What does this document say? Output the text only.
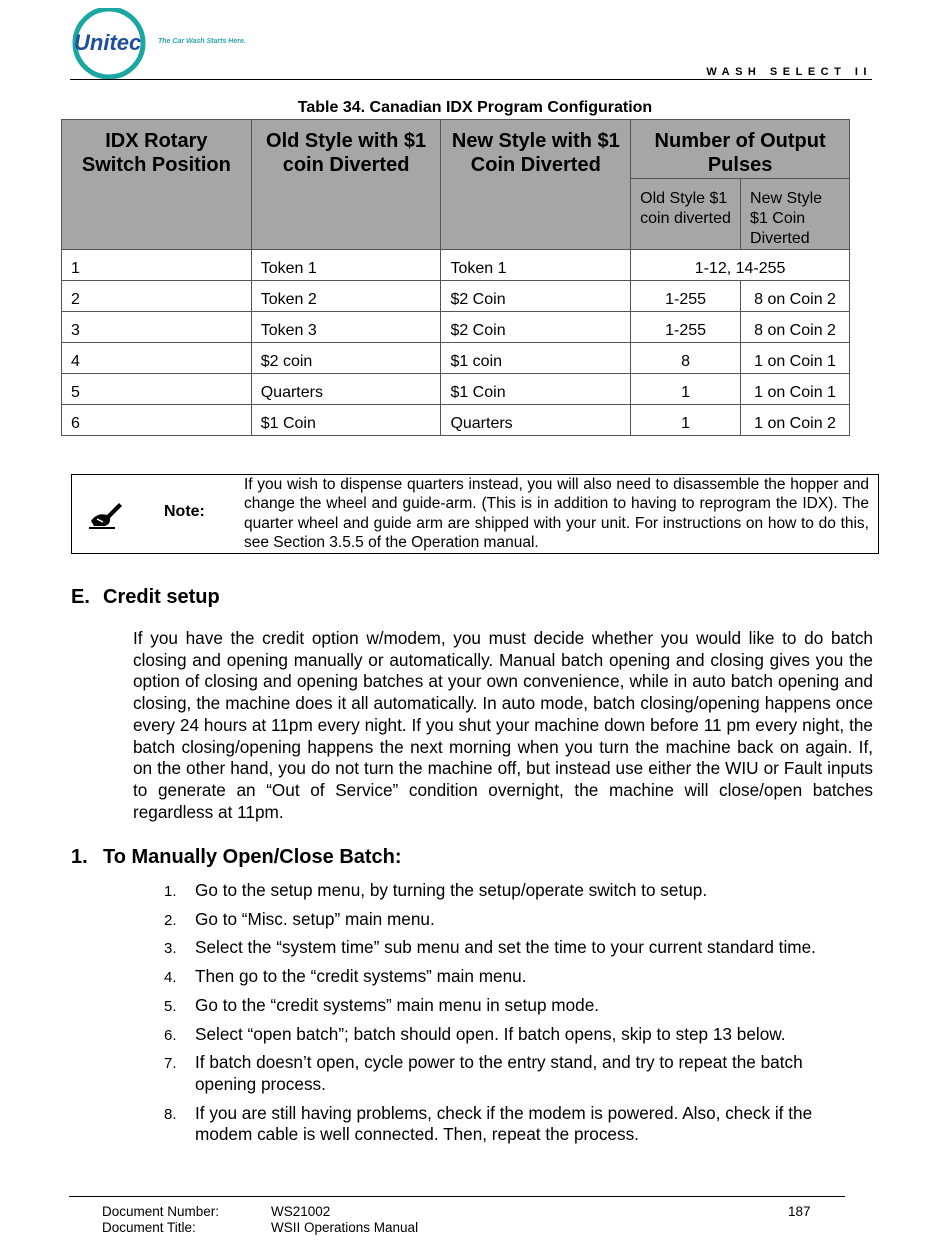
Unitec The Car Wash Starts Here.
WASH SELECT II
Table 34. Canadian IDX Program Configuration
IDX Rotary Switch Position	Old Style with $1 coin Diverted	New Style with $1 Coin Diverted	Number of Output Pulses	
			Old Style $1 coin diverted	New Style $1 Coin Diverted
1	Token 1	Token 1	1-12, 14-255	
2	Token 2	$2 Coin	1-255	8 on Coin 2
3	Token 3	$2 Coin	1-255	8 on Coin 2
4	$2 coin	$1 coin	8	1 on Coin 1
5	Quarters	$1 Coin	1	1 on Coin 1
6	$1 Coin	Quarters	1	1 on Coin 2
Note:
If you wish to dispense quarters instead, you will also need to disassemble the hopper and change the wheel and guide-arm. (This is in addition to having to reprogram the IDX). The quarter wheel and guide arm are shipped with your unit. For instructions on how to do this, see Section 3.5.5 of the Operation manual.
E. Credit setup
If you have the credit option w/modem, you must decide whether you would like to do batch closing and opening manually or automatically. Manual batch opening and closing gives you the option of closing and opening batches at your own convenience, while in auto batch opening and closing, the machine does it all automatically. In auto mode, batch closing/opening happens once every 24 hours at 11pm every night. If you shut your machine down before 11 pm every night, the batch closing/opening happens the next morning when you turn the machine back on again. If, on the other hand, you do not turn the machine off, but instead use either the WIU or Fault inputs to generate an “Out of Service” condition overnight, the machine will close/open batches regardless at 11pm.
1. To Manually Open/Close Batch:
1. Go to the setup menu, by turning the setup/operate switch to setup.
2. Go to “Misc. setup” main menu.
3. Select the “system time” sub menu and set the time to your current standard time.
4. Then go to the “credit systems” main menu.
5. Go to the “credit systems” main menu in setup mode.
6. Select “open batch”; batch should open. If batch opens, skip to step 13 below.
7. If batch doesn’t open, cycle power to the entry stand, and try to repeat the batch opening process.
8. If you are still having problems, check if the modem is powered. Also, check if the modem cable is well connected. Then, repeat the process.
Document Number:	WS21002
Document Title:	WSII Operations Manual
187
